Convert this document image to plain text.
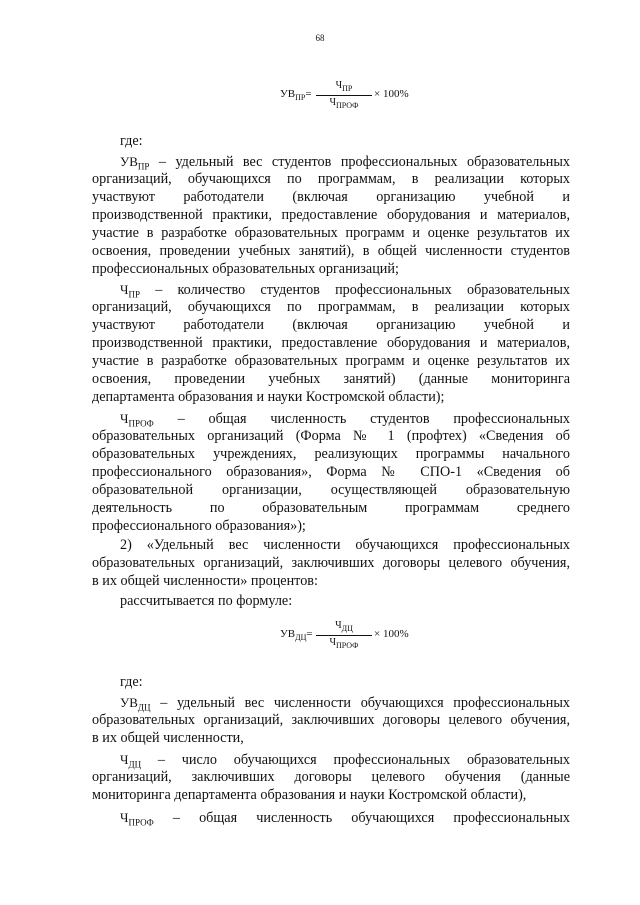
68
$УВ_{ПР}=$
$Ч_{ПР}$
$Ч_{ПРОФ}$
× 100%
где:
$УВ_{ПР}$ – удельный вес студентов профессиональных образовательных
организаций, обучающихся по программам, в реализации которых
участвуют работодатели (включая организацию учебной и
производственной практики, предоставление оборудования и материалов,
участие в разработке образовательных программ и оценке результатов их
освоения, проведении учебных занятий), в общей численности студентов
профессиональных образовательных организаций;
$Ч_{ПР}$ – количество студентов профессиональных образовательных
организаций, обучающихся по программам, в реализации которых
участвуют работодатели (включая организацию учебной и
производственной практики, предоставление оборудования и материалов,
участие в разработке образовательных программ и оценке результатов их
освоения, проведении учебных занятий) (данные мониторинга
департамента образования и науки Костромской области);
$Ч_{ПРОФ}$ – общая численность студентов профессиональных
образовательных организаций (Форма № 1 (профтех) «Сведения об
образовательных учреждениях, реализующих программы начального
профессионального образования», Форма № СПО-1 «Сведения об
образовательной организации, осуществляющей образовательную
деятельность по образовательным программам среднего
профессионального образования»);
2) «Удельный вес численности обучающихся профессиональных
образовательных организаций, заключивших договоры целевого обучения,
в их общей численности» процентов:
рассчитывается по формуле:
$УВ_{ДЦ}=$
$Ч_{ДЦ}$
$Ч_{ПРОФ}$
× 100%
где:
$УВ_{ДЦ}$ – удельный вес численности обучающихся профессиональных
образовательных организаций, заключивших договоры целевого обучения,
в их общей численности,
$Ч_{ДЦ}$ – число обучающихся профессиональных образовательных
организаций, заключивших договоры целевого обучения (данные
мониторинга департамента образования и науки Костромской области),
$Ч_{ПРОФ}$ – общая численность обучающихся профессиональных
